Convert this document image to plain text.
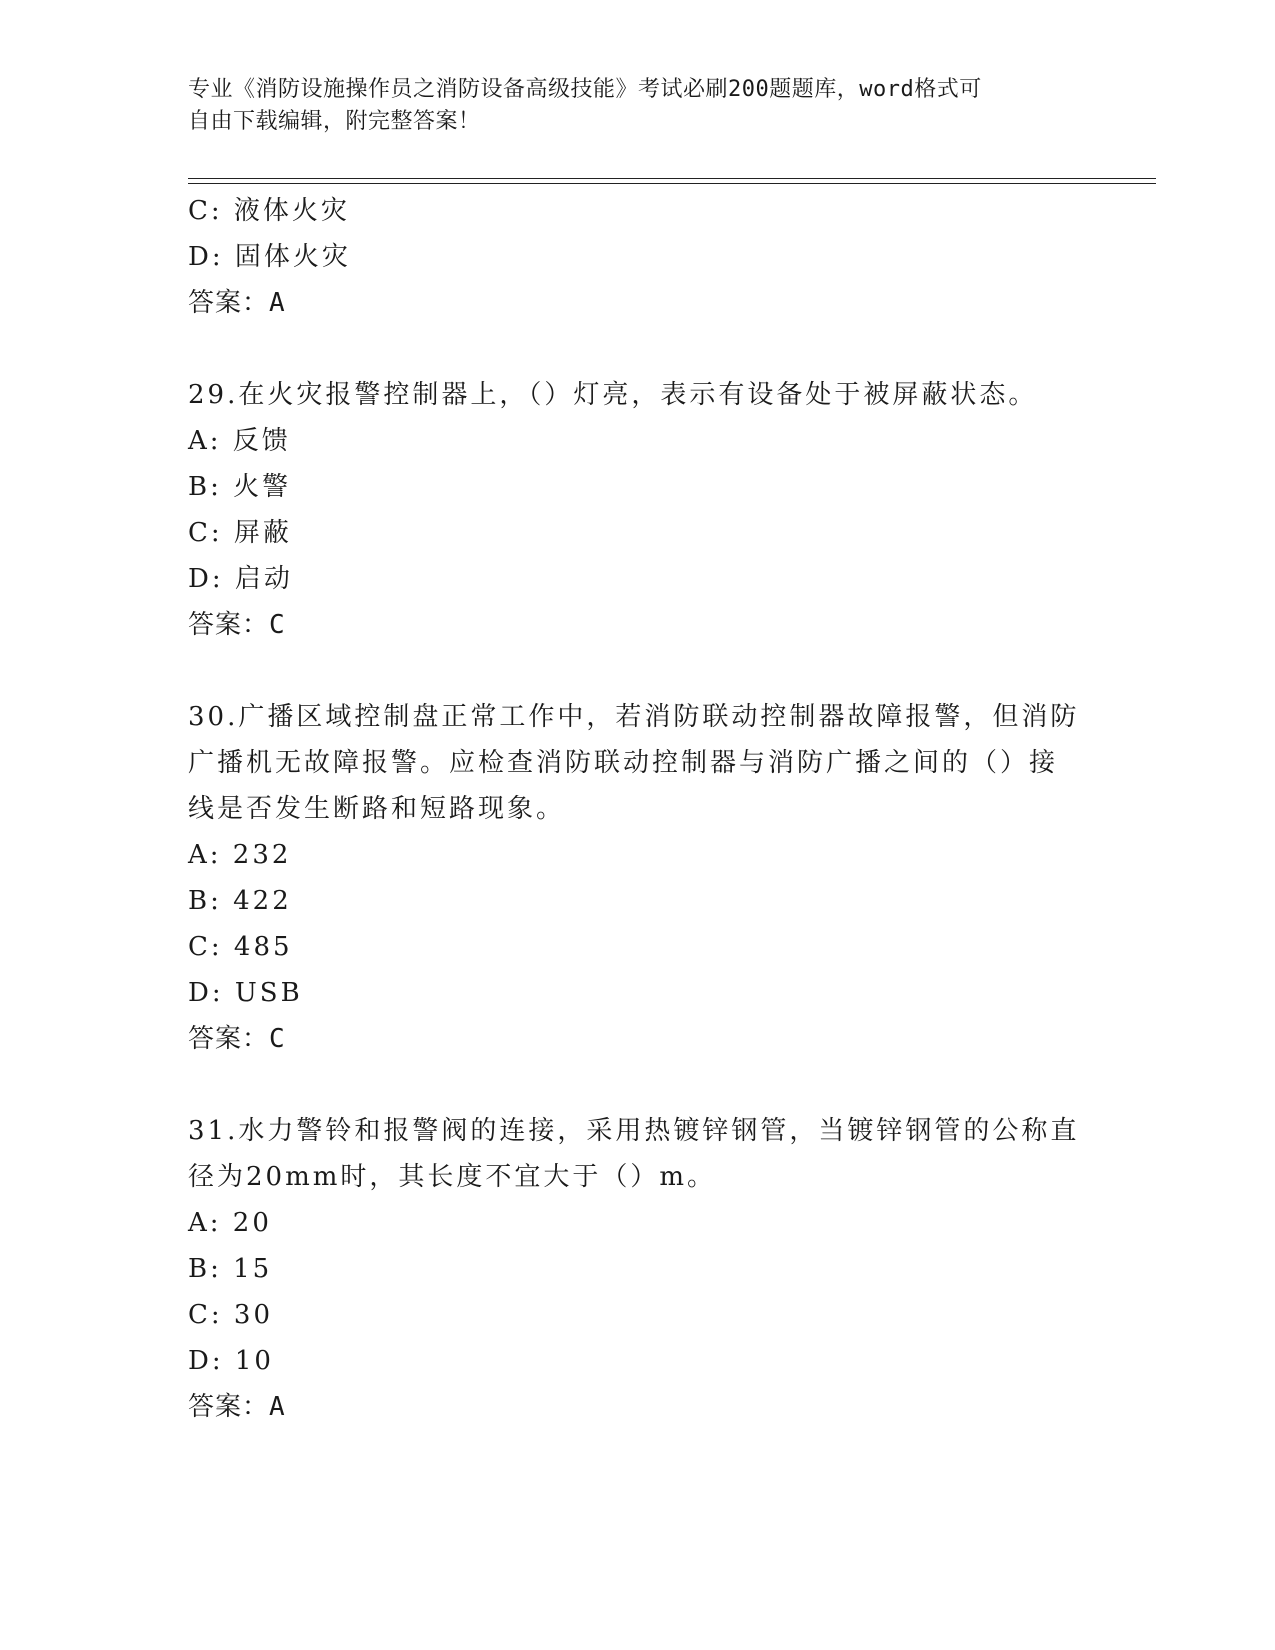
专业《消防设施操作员之消防设备高级技能》考试必刷200题题库，word格式可
自由下载编辑，附完整答案！
C: 液体火灾
D: 固体火灾
答案：A
29.在火灾报警控制器上，（）灯亮，表示有设备处于被屏蔽状态。
A: 反馈
B: 火警
C: 屏蔽
D: 启动
答案：C
30.广播区域控制盘正常工作中，若消防联动控制器故障报警，但消防
广播机无故障报警。应检查消防联动控制器与消防广播之间的（）接
线是否发生断路和短路现象。
A: 232
B: 422
C: 485
D: USB
答案：C
31.水力警铃和报警阀的连接，采用热镀锌钢管，当镀锌钢管的公称直
径为20mm时，其长度不宜大于（）m。
A: 20
B: 15
C: 30
D: 10
答案：A
